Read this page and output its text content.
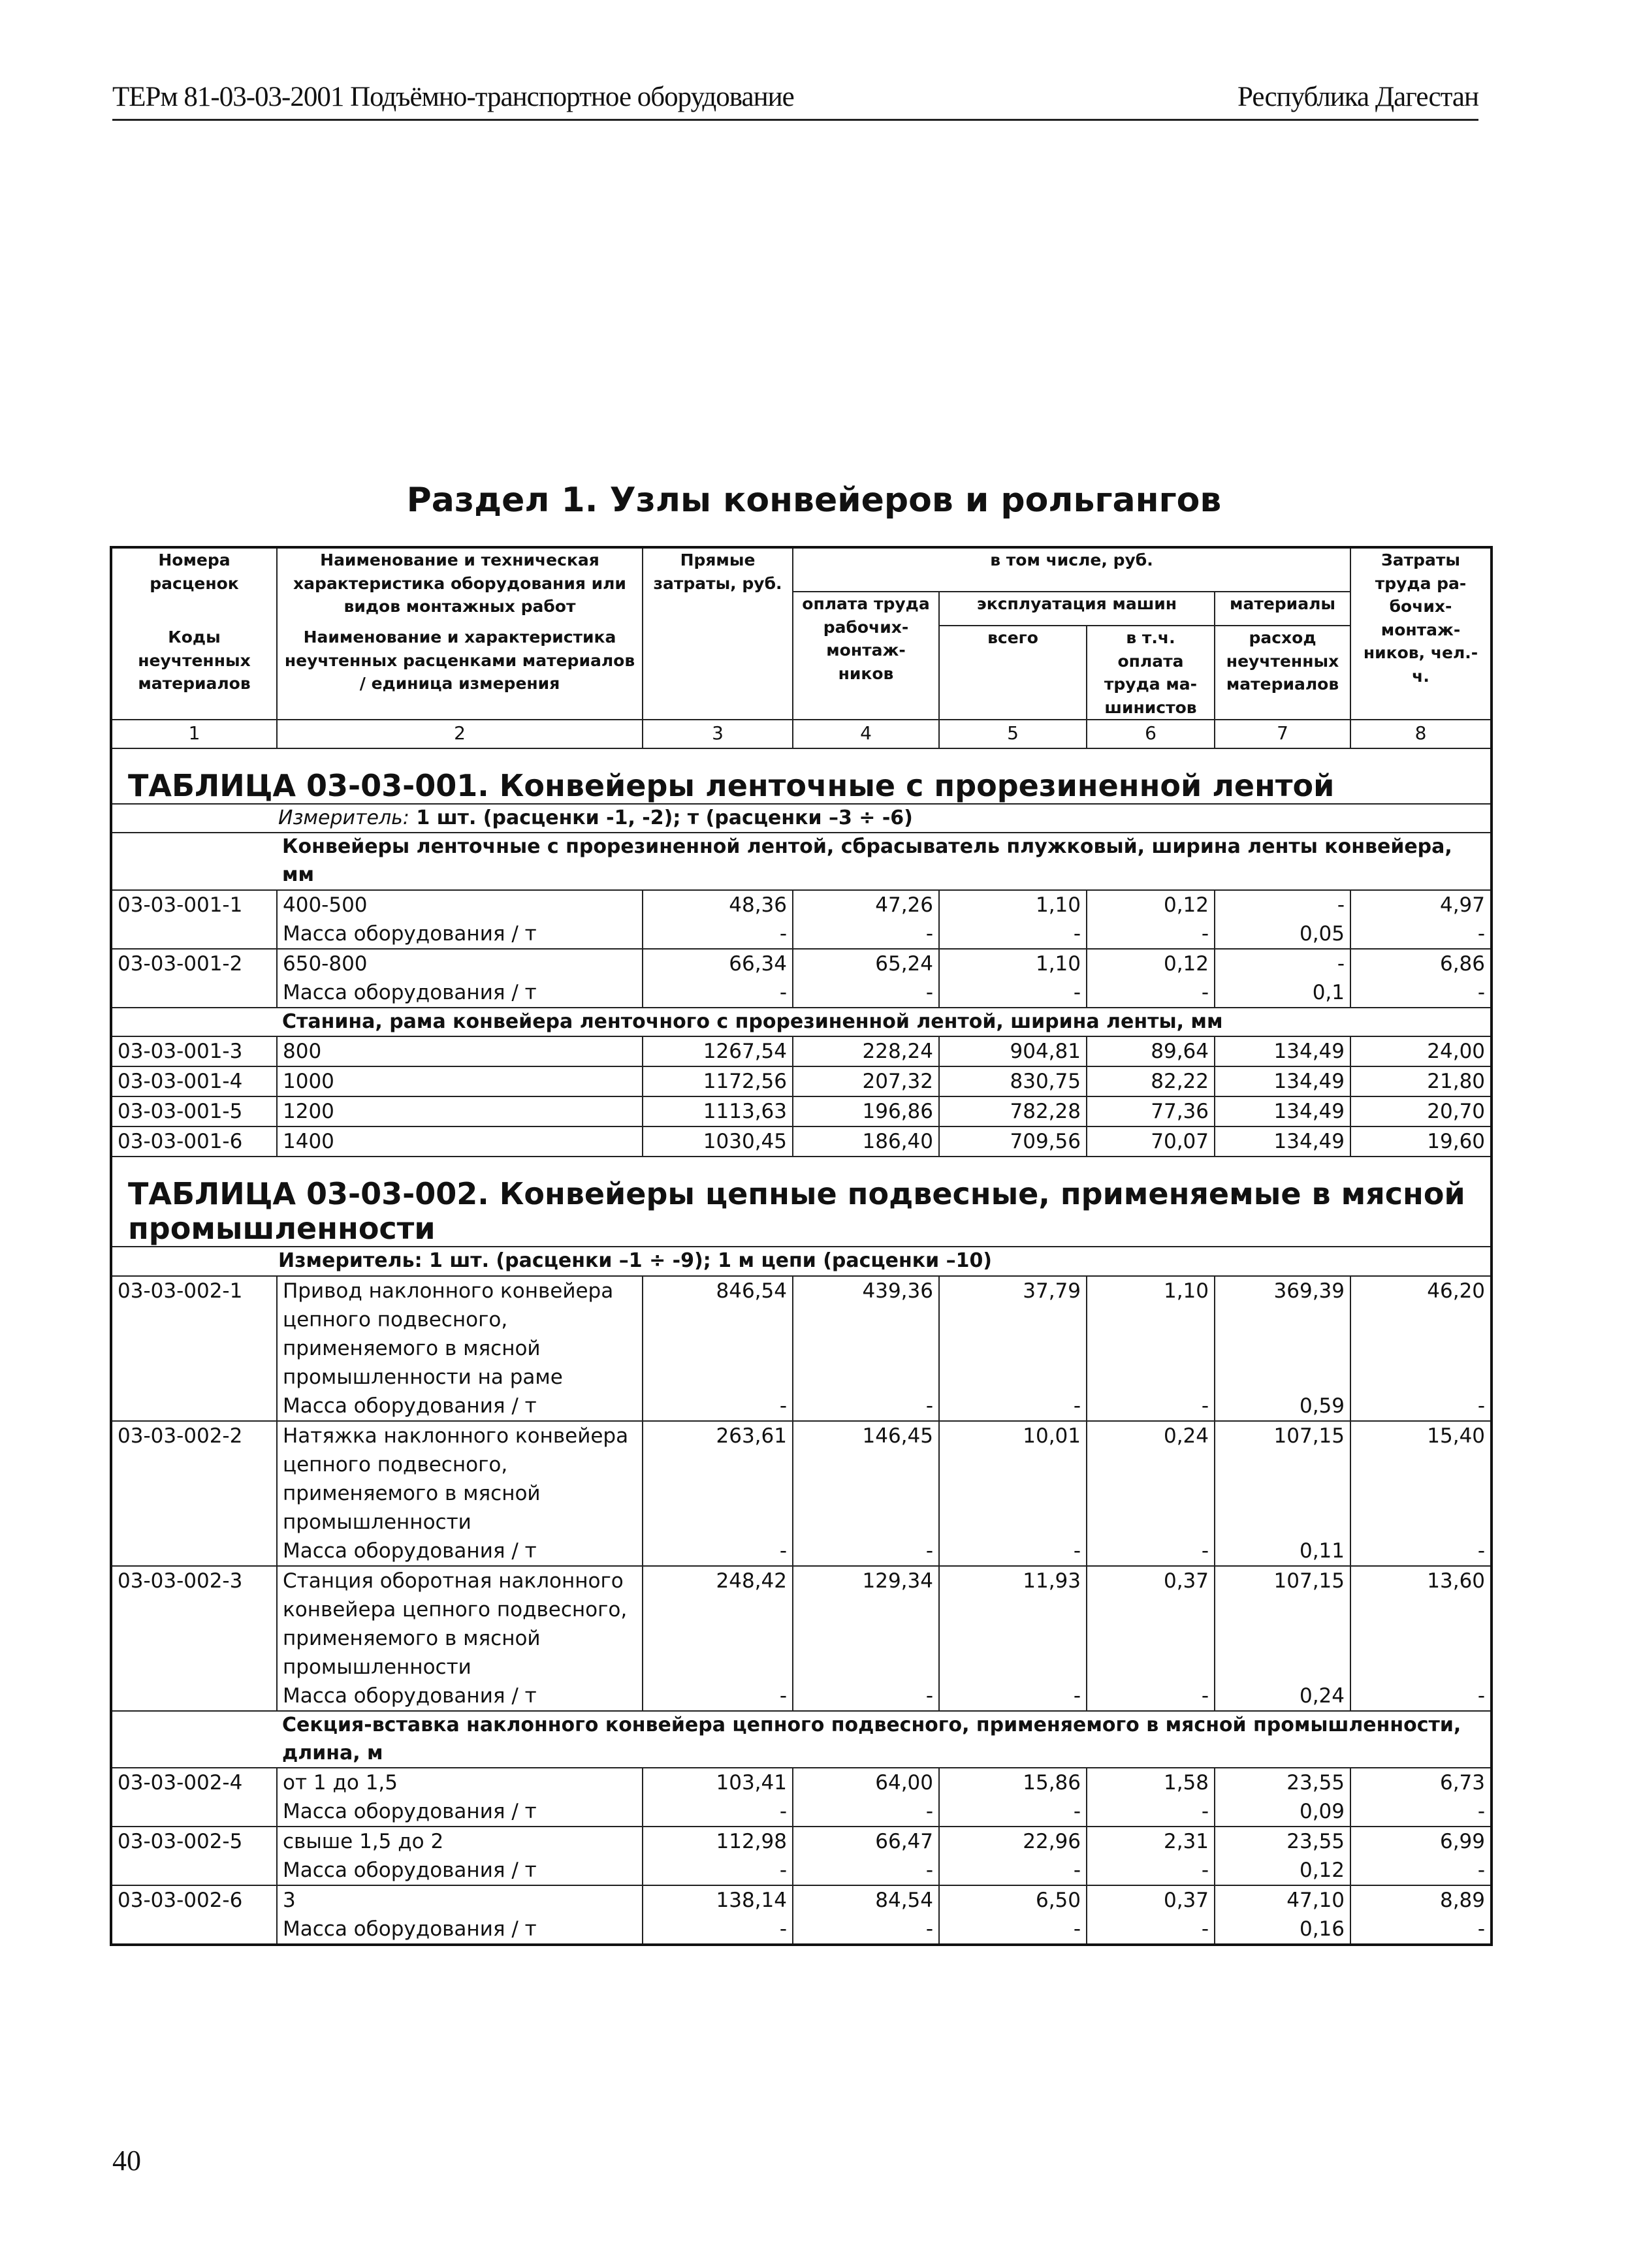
ТЕРм 81-03-03-2001 Подъёмно-транспортное оборудование	Республика Дагестан
Раздел 1. Узлы конвейеров и рольгангов
Номера расценок	Наименование и техническая характеристика оборудования или видов монтажных работ	Прямые затраты, руб.	в том числе, руб.				Затраты труда ра-бочих-монтаж-ников, чел.-ч.
			оплата труда рабочих-монтаж-ников	эксплуатация машин		материалы	
Коды неучтенных материалов	Наименование и характеристика неучтенных расценками материалов / единица измерения			всего	в т.ч. оплата труда ма-шинистов	расход неучтенных материалов	

1	2	3	4	5	6	7	8
ТАБЛИЦА 03-03-001. Конвейеры ленточные с прорезиненной лентой							
Измеритель: 1 шт. (расценки -1, -2); т (расценки –3 ÷ -6)							
	Конвейеры ленточные с прорезиненной лентой, сбрасыватель плужковый, ширина ленты конвейера, мм						
03-03-001-1	400-500	48,36	47,26	1,10	0,12	-	4,97
	Масса оборудования / т	-	-	-	-	0,05	-
03-03-001-2	650-800	66,34	65,24	1,10	0,12	-	6,86
	Масса оборудования / т	-	-	-	-	0,1	-
	Станина, рама конвейера ленточного с прорезиненной лентой, ширина ленты, мм						
03-03-001-3	800	1267,54	228,24	904,81	89,64	134,49	24,00
03-03-001-4	1000	1172,56	207,32	830,75	82,22	134,49	21,80
03-03-001-5	1200	1113,63	196,86	782,28	77,36	134,49	20,70
03-03-001-6	1400	1030,45	186,40	709,56	70,07	134,49	19,60
ТАБЛИЦА 03-03-002. Конвейеры цепные подвесные, применяемые в мясной промышленности							
Измеритель: 1 шт. (расценки –1 ÷ -9); 1 м цепи (расценки –10)							
03-03-002-1	Привод наклонного конвейера цепного подвесного, применяемого в мясной промышленности на раме	846,54	439,36	37,79	1,10	369,39	46,20
	Масса оборудования / т	-	-	-	-	0,59	-
03-03-002-2	Натяжка наклонного конвейера цепного подвесного, применяемого в мясной промышленности	263,61	146,45	10,01	0,24	107,15	15,40
	Масса оборудования / т	-	-	-	-	0,11	-
03-03-002-3	Станция оборотная наклонного конвейера цепного подвесного, применяемого в мясной промышленности	248,42	129,34	11,93	0,37	107,15	13,60
	Масса оборудования / т	-	-	-	-	0,24	-
	Секция-вставка наклонного конвейера цепного подвесного, применяемого в мясной промышленности, длина, м						
03-03-002-4	от 1 до 1,5	103,41	64,00	15,86	1,58	23,55	6,73
	Масса оборудования / т	-	-	-	-	0,09	-
03-03-002-5	свыше 1,5 до 2	112,98	66,47	22,96	2,31	23,55	6,99
	Масса оборудования / т	-	-	-	-	0,12	-
03-03-002-6	3	138,14	84,54	6,50	0,37	47,10	8,89
	Масса оборудования / т	-	-	-	-	0,16	-
40
